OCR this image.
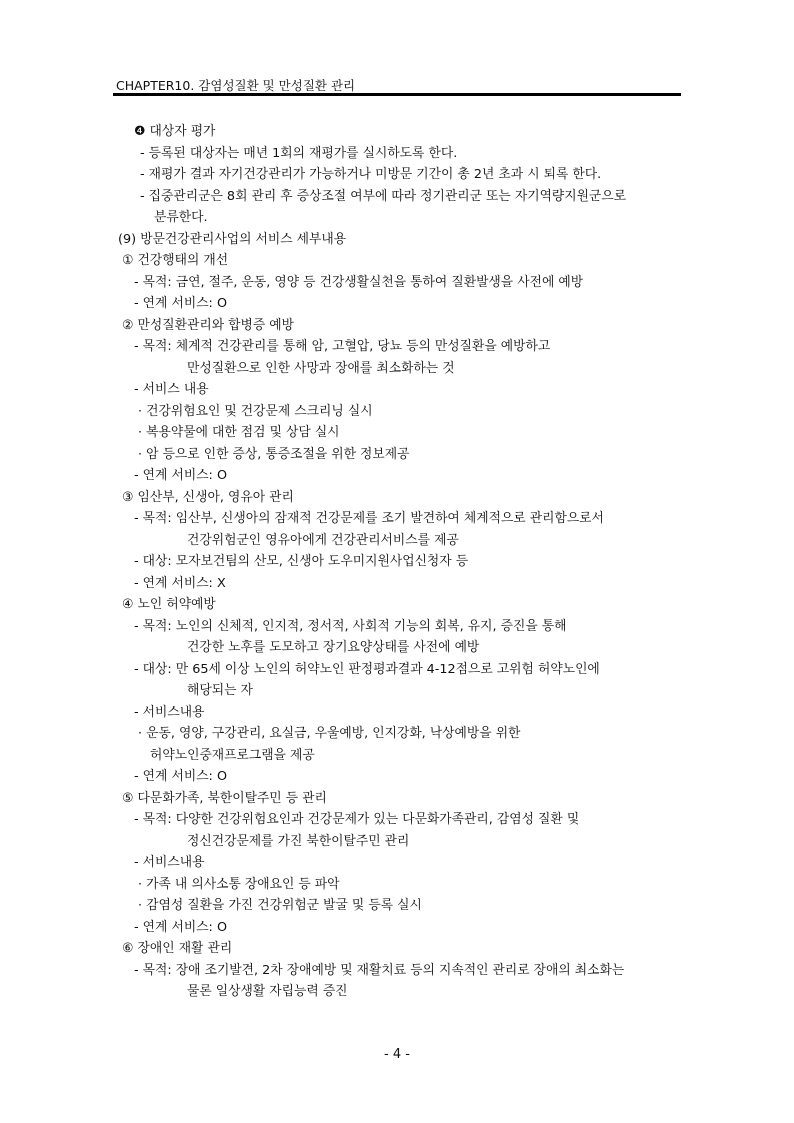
CHAPTER10. 감염성질환 및 만성질환 관리
❹ 대상자 평가
- 등록된 대상자는 매년 1회의 재평가를 실시하도록 한다.
- 재평가 결과 자기건강관리가 가능하거나 미방문 기간이 총 2년 초과 시 퇴록 한다.
- 집중관리군은 8회 관리 후 증상조절 여부에 따라 정기관리군 또는 자기역량지원군으로
분류한다.
(9) 방문건강관리사업의 서비스 세부내용
① 건강행태의 개선
- 목적: 금연, 절주, 운동, 영양 등 건강생활실천을 통하여 질환발생을 사전에 예방
- 연계 서비스: O
② 만성질환관리와 합병증 예방
- 목적: 체계적 건강관리를 통해 암, 고혈압, 당뇨 등의 만성질환을 예방하고
만성질환으로 인한 사망과 장애를 최소화하는 것
- 서비스 내용
· 건강위험요인 및 건강문제 스크리닝 실시
· 복용약물에 대한 점검 및 상담 실시
· 암 등으로 인한 증상, 통증조절을 위한 정보제공
- 연계 서비스: O
③ 임산부, 신생아, 영유아 관리
- 목적: 임산부, 신생아의 잠재적 건강문제를 조기 발견하여 체계적으로 관리함으로서
건강위험군인 영유아에게 건강관리서비스를 제공
- 대상: 모자보건팀의 산모, 신생아 도우미지원사업신청자 등
- 연계 서비스: X
④ 노인 허약예방
- 목적: 노인의 신체적, 인지적, 정서적, 사회적 기능의 회복, 유지, 증진을 통해
건강한 노후를 도모하고 장기요양상태를 사전에 예방
- 대상: 만 65세 이상 노인의 허약노인 판정평과결과 4-12점으로 고위험 허약노인에
해당되는 자
- 서비스내용
· 운동, 영양, 구강관리, 요실금, 우울예방, 인지강화, 낙상예방을 위한
허약노인중재프로그램을 제공
- 연계 서비스: O
⑤ 다문화가족, 북한이탈주민 등 관리
- 목적: 다양한 건강위험요인과 건강문제가 있는 다문화가족관리, 감염성 질환 및
정신건강문제를 가진 북한이탈주민 관리
- 서비스내용
· 가족 내 의사소통 장애요인 등 파악
· 감염성 질환을 가진 건강위험군 발굴 및 등록 실시
- 연계 서비스: O
⑥ 장애인 재활 관리
- 목적: 장애 조기발견, 2차 장애예방 및 재활치료 등의 지속적인 관리로 장애의 최소화는
물론 일상생활 자립능력 증진
- 4 -
